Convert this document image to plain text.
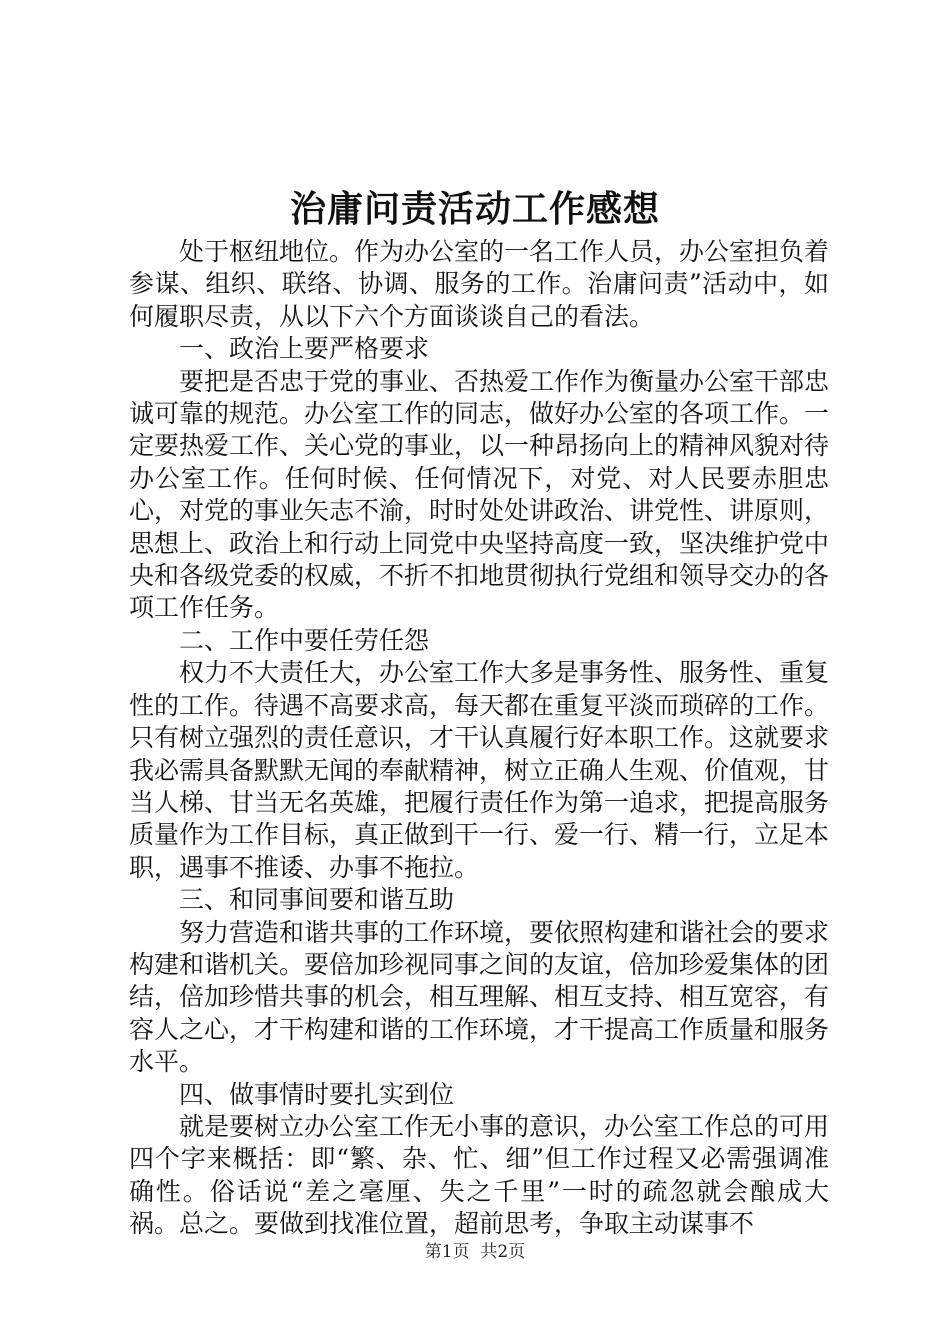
治庸问责活动工作感想

处于枢纽地位。作为办公室的一名工作人员，办公室担负着参谋、组织、联络、协调、服务的工作。治庸问责”活动中，如何履职尽责，从以下六个方面谈谈自己的看法。

一、政治上要严格要求

要把是否忠于党的事业、否热爱工作作为衡量办公室干部忠诚可靠的规范。办公室工作的同志，做好办公室的各项工作。一定要热爱工作、关心党的事业，以一种昂扬向上的精神风貌对待办公室工作。任何时候、任何情况下，对党、对人民要赤胆忠心，对党的事业矢志不渝，时时处处讲政治、讲党性、讲原则，思想上、政治上和行动上同党中央坚持高度一致，坚决维护党中央和各级党委的权威，不折不扣地贯彻执行党组和领导交办的各项工作任务。

二、工作中要任劳任怨

权力不大责任大，办公室工作大多是事务性、服务性、重复性的工作。待遇不高要求高，每天都在重复平淡而琐碎的工作。只有树立强烈的责任意识，才干认真履行好本职工作。这就要求我必需具备默默无闻的奉献精神，树立正确人生观、价值观，甘当人梯、甘当无名英雄，把履行责任作为第一追求，把提高服务质量作为工作目标，真正做到干一行、爱一行、精一行，立足本职，遇事不推诿、办事不拖拉。

三、和同事间要和谐互助

努力营造和谐共事的工作环境，要依照构建和谐社会的要求构建和谐机关。要倍加珍视同事之间的友谊，倍加珍爱集体的团结，倍加珍惜共事的机会，相互理解、相互支持、相互宽容，有容人之心，才干构建和谐的工作环境，才干提高工作质量和服务水平。

四、做事情时要扎实到位

就是要树立办公室工作无小事的意识，办公室工作总的可用四个字来概括：即“繁、杂、忙、细”但工作过程又必需强调准确性。俗话说“差之毫厘、失之千里”一时的疏忽就会酿成大祸。总之。要做到找准位置，超前思考，争取主动谋事不

第1页 共2页
